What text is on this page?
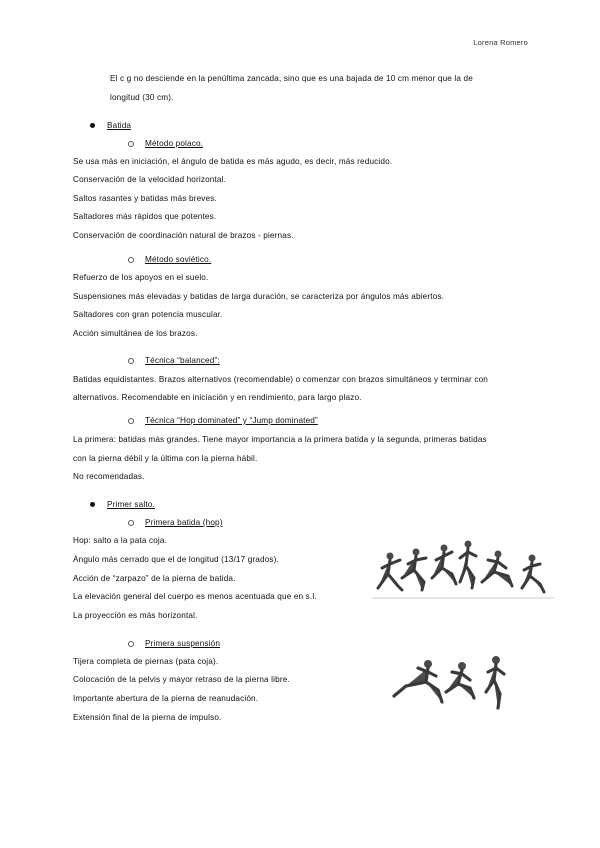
Lorena Romero
El c g no desciende en la penúltima zancada, sino que es una bajada de 10 cm menor que la de
longitud (30 cm).
Batida
Método polaco.
Se usa más en iniciación, el ángulo de batida es más agudo, es decir, más reducido.
Conservación de la velocidad horizontal.
Saltos rasantes y batidas más breves.
Saltadores más rápidos que potentes.
Conservación de coordinación natural de brazos - piernas.
Método soviético.
Refuerzo de los apoyos en el suelo.
Suspensiones más elevadas y batidas de larga duración, se caracteriza por ángulos más abiertos.
Saltadores con gran potencia muscular.
Acción simultánea de los brazos.
Técnica “balanced”:
Batidas equidistantes. Brazos alternativos (recomendable) o comenzar con brazos simultáneos y terminar con
alternativos. Recomendable en iniciación y en rendimiento, para largo plazo.
Técnica “Hop dominated” y “Jump dominated”
La primera: batidas más grandes. Tiene mayor importancia a la primera batida y la segunda, primeras batidas
con la pierna débil y la última con la pierna hábil.
No recomendadas.
Primer salto.
Primera batida (hop)
Hop: salto a la pata coja.
Ángulo más cerrado que el de longitud (13/17 grados).
Acción de “zarpazo” de la pierna de batida.
La elevación general del cuerpo es menos acentuada que en s.l.
La proyección es más horizontal.
Primera suspensión
Tijera completa de piernas (pata coja).
Colocación de la pelvis y mayor retraso de la pierna libre.
Importante abertura de la pierna de reanudación.
Extensión final de la pierna de impulso.
